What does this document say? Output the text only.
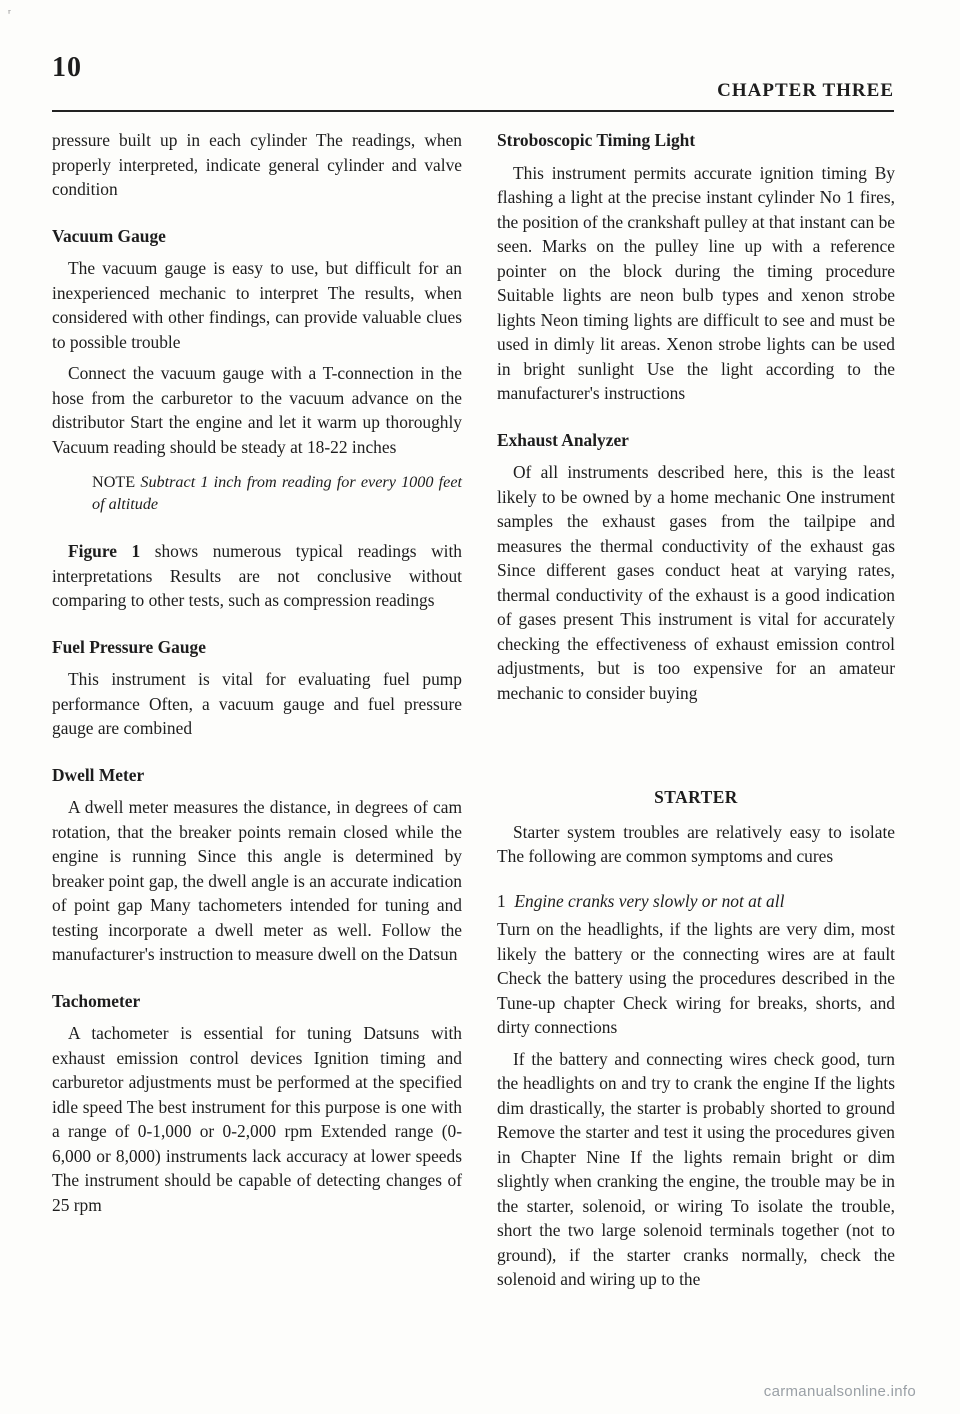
10
CHAPTER THREE

pressure built up in each cylinder The readings, when properly interpreted, indicate general cylinder and valve condition

Vacuum Gauge

The vacuum gauge is easy to use, but difficult for an inexperienced mechanic to interpret The results, when considered with other findings, can provide valuable clues to possible trouble

Connect the vacuum gauge with a T-connection in the hose from the carburetor to the vacuum advance on the distributor Start the engine and let it warm up thoroughly Vacuum reading should be steady at 18-22 inches

NOTE Subtract 1 inch from reading for every 1000 feet of altitude

Figure 1 shows numerous typical readings with interpretations Results are not conclusive without comparing to other tests, such as compression readings

Fuel Pressure Gauge

This instrument is vital for evaluating fuel pump performance Often, a vacuum gauge and fuel pressure gauge are combined

Dwell Meter

A dwell meter measures the distance, in degrees of cam rotation, that the breaker points remain closed while the engine is running Since this angle is determined by breaker point gap, the dwell angle is an accurate indication of point gap Many tachometers intended for tuning and testing incorporate a dwell meter as well. Follow the manufacturer's instruction to measure dwell on the Datsun

Tachometer

A tachometer is essential for tuning Datsuns with exhaust emission control devices Ignition timing and carburetor adjustments must be performed at the specified idle speed The best instrument for this purpose is one with a range of 0-1,000 or 0-2,000 rpm Extended range (0-6,000 or 8,000) instruments lack accuracy at lower speeds The instrument should be capable of detecting changes of 25 rpm

Stroboscopic Timing Light

This instrument permits accurate ignition timing By flashing a light at the precise instant cylinder No 1 fires, the position of the crankshaft pulley at that instant can be seen. Marks on the pulley line up with a reference pointer on the block during the timing procedure Suitable lights are neon bulb types and xenon strobe lights Neon timing lights are difficult to see and must be used in dimly lit areas. Xenon strobe lights can be used in bright sunlight Use the light according to the manufacturer's instructions

Exhaust Analyzer

Of all instruments described here, this is the least likely to be owned by a home mechanic One instrument samples the exhaust gases from the tailpipe and measures the thermal conductivity of the exhaust gas Since different gases conduct heat at varying rates, thermal conductivity of the exhaust is a good indication of gases present This instrument is vital for accurately checking the effectiveness of exhaust emission control adjustments, but is too expensive for an amateur mechanic to consider buying

STARTER

Starter system troubles are relatively easy to isolate The following are common symptoms and cures

1 Engine cranks very slowly or not at all

Turn on the headlights, if the lights are very dim, most likely the battery or the connecting wires are at fault Check the battery using the procedures described in the Tune-up chapter Check wiring for breaks, shorts, and dirty connections

If the battery and connecting wires check good, turn the headlights on and try to crank the engine If the lights dim drastically, the starter is probably shorted to ground Remove the starter and test it using the procedures given in Chapter Nine If the lights remain bright or dim slightly when cranking the engine, the trouble may be in the starter, solenoid, or wiring To isolate the trouble, short the two large solenoid terminals together (not to ground), if the starter cranks normally, check the solenoid and wiring up to the

ʳ
carmanualsonline.info
